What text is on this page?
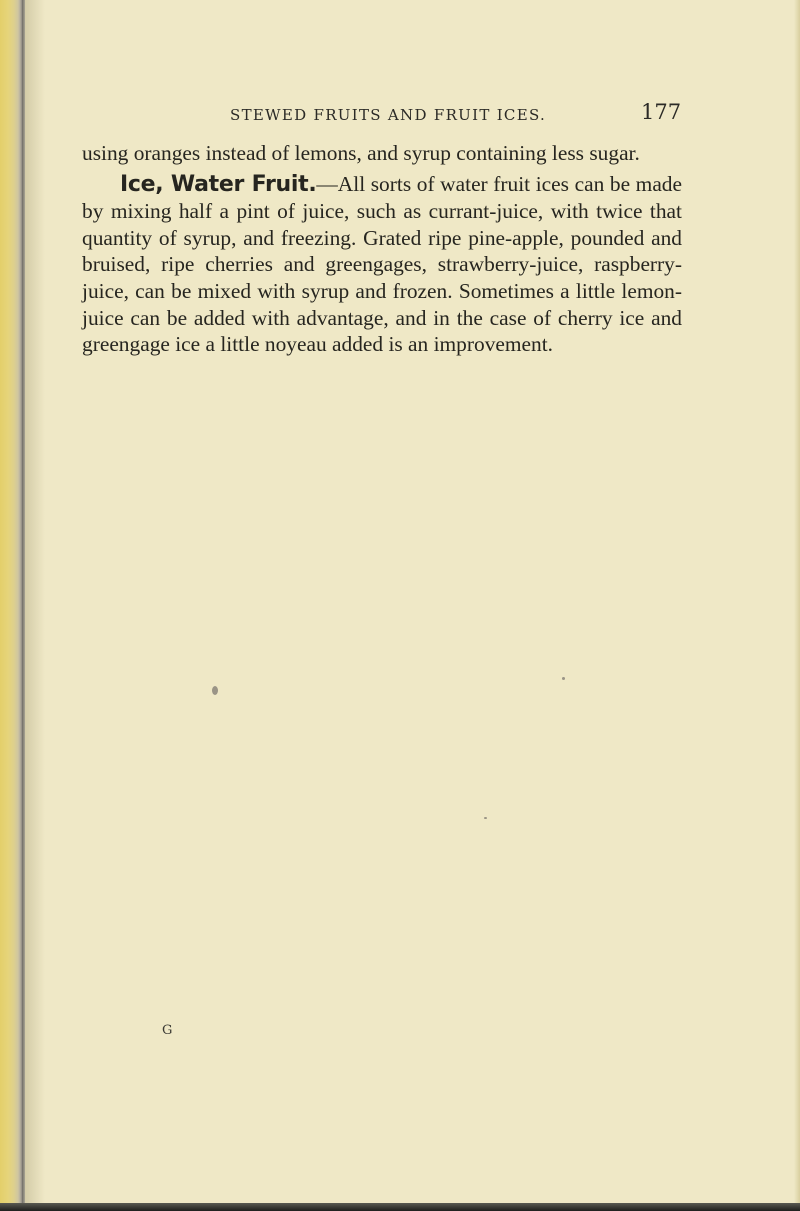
STEWED FRUITS AND FRUIT ICES.	177

using oranges instead of lemons, and syrup containing less sugar.

Ice, Water Fruit.—All sorts of water fruit ices can be made by mixing half a pint of juice, such as currant-juice, with twice that quantity of syrup, and freezing. Grated ripe pine-apple, pounded and bruised, ripe cherries and greengages, strawberry-juice, raspberry-juice, can be mixed with syrup and frozen. Sometimes a little lemon-juice can be added with advantage, and in the case of cherry ice and greengage ice a little noyeau added is an improvement.

G
